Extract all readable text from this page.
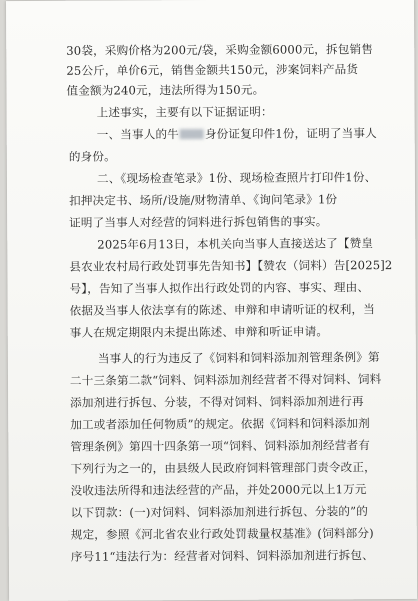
30袋，采购价格为200元/袋，采购金额6000元，拆包销售
25公斤，单价6元，销售金额共150元，涉案饲料产品货
值金额为240元，违法所得为150元。
上述事实，主要有以下证据证明：
一、当事人的牛 身份证复印件1份，证明了当事人
的身份。
二、《现场检查笔录》1份、现场检查照片打印件1份、
扣押决定书、场所/设施/财物清单、《询问笔录》1份
证明了当事人对经营的饲料进行拆包销售的事实。
2025年6月13日，本机关向当事人直接送达了【赞皇
县农业农村局行政处罚事先告知书】【赞农（饲料）告[2025]2
号】，告知了当事人拟作出行政处罚的内容、事实、理由、
依据及当事人依法享有的陈述、申辩和申请听证的权利，当
事人在规定期限内未提出陈述、申辩和听证申请。
当事人的行为违反了《饲料和饲料添加剂管理条例》第
二十三条第二款“饲料、饲料添加剂经营者不得对饲料、饲料
添加剂进行拆包、分装，不得对饲料、饲料添加剂进行再
加工或者添加任何物质”的规定。依据《饲料和饲料添加剂
管理条例》第四十四条第一项“饲料、饲料添加剂经营者有
下列行为之一的，由县级人民政府饲料管理部门责令改正，
没收违法所得和违法经营的产品，并处2000元以上1万元
以下罚款：(一)对饲料、饲料添加剂进行拆包、分装的”的
规定，参照《河北省农业行政处罚裁量权基准》(饲料部分)
序号11“违法行为：经营者对饲料、饲料添加剂进行拆包、
